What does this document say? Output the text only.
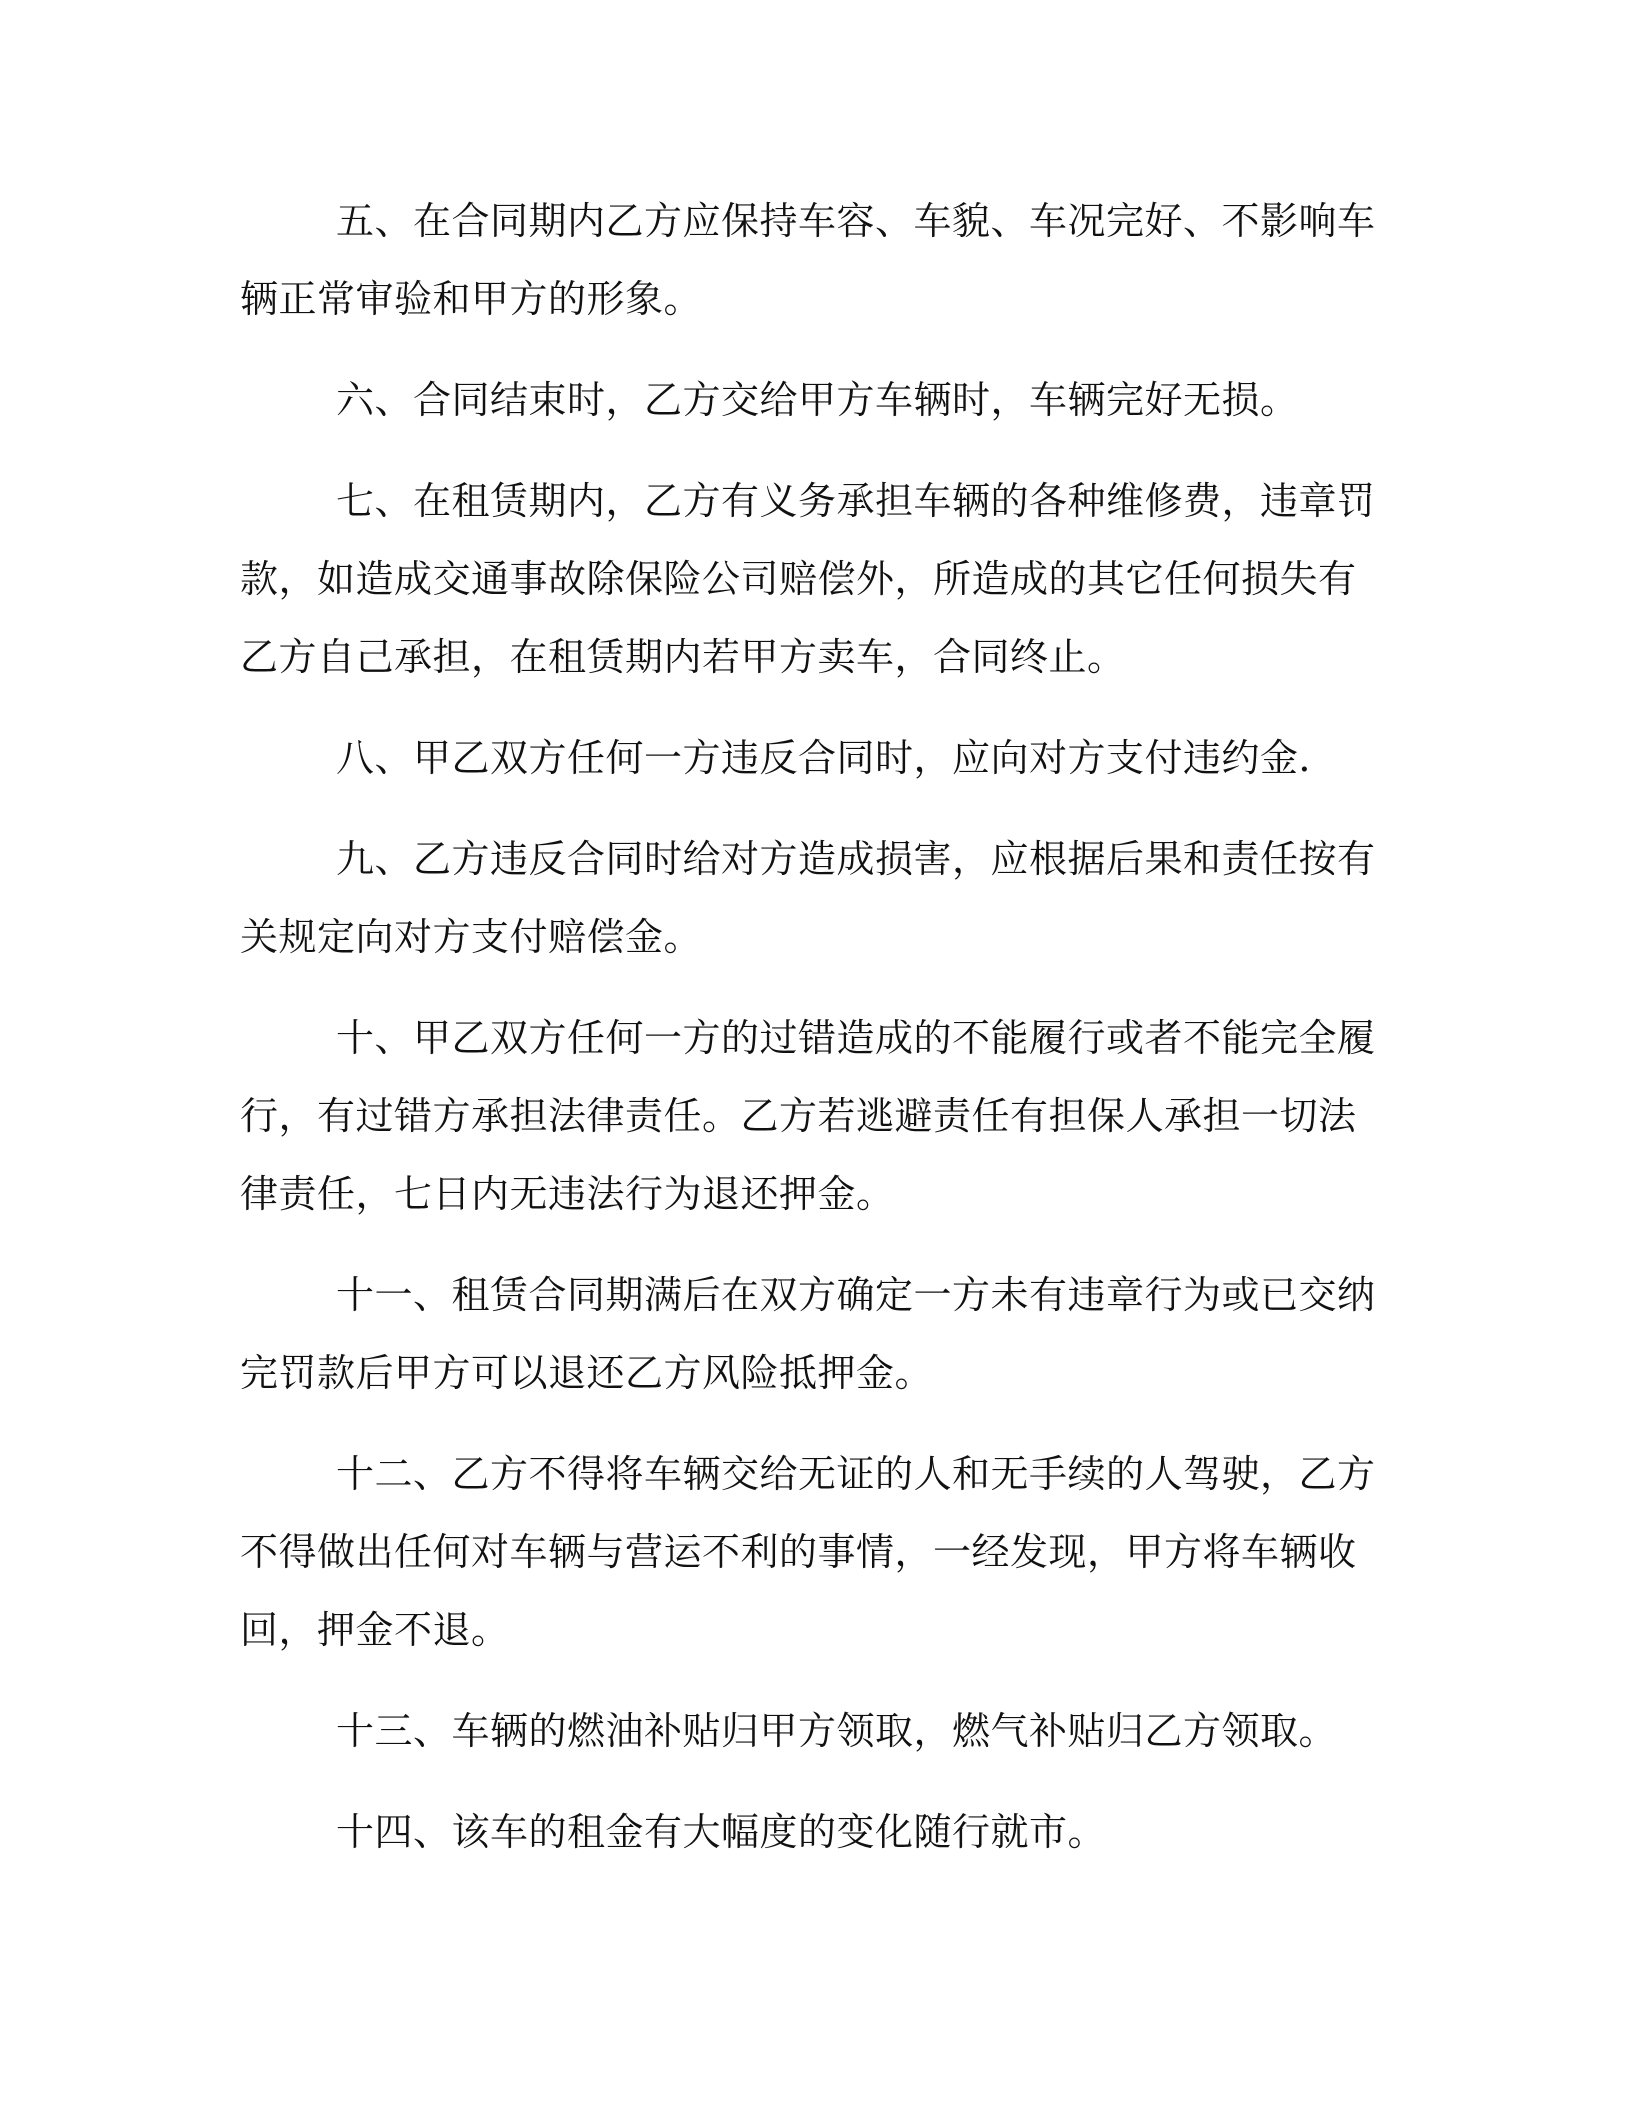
五、在合同期内乙方应保持车容、车貌、车况完好、不影响车辆正常审验和甲方的形象。

六、合同结束时，乙方交给甲方车辆时，车辆完好无损。

七、在租赁期内，乙方有义务承担车辆的各种维修费，违章罚款，如造成交通事故除保险公司赔偿外，所造成的其它任何损失有乙方自己承担，在租赁期内若甲方卖车，合同终止。

八、甲乙双方任何一方违反合同时，应向对方支付违约金．

九、乙方违反合同时给对方造成损害，应根据后果和责任按有关规定向对方支付赔偿金。

十、甲乙双方任何一方的过错造成的不能履行或者不能完全履行，有过错方承担法律责任。乙方若逃避责任有担保人承担一切法律责任，七日内无违法行为退还押金。

十一、租赁合同期满后在双方确定一方未有违章行为或已交纳完罚款后甲方可以退还乙方风险抵押金。

十二、乙方不得将车辆交给无证的人和无手续的人驾驶，乙方不得做出任何对车辆与营运不利的事情，一经发现，甲方将车辆收回，押金不退。

十三、车辆的燃油补贴归甲方领取，燃气补贴归乙方领取。

十四、该车的租金有大幅度的变化随行就市。
